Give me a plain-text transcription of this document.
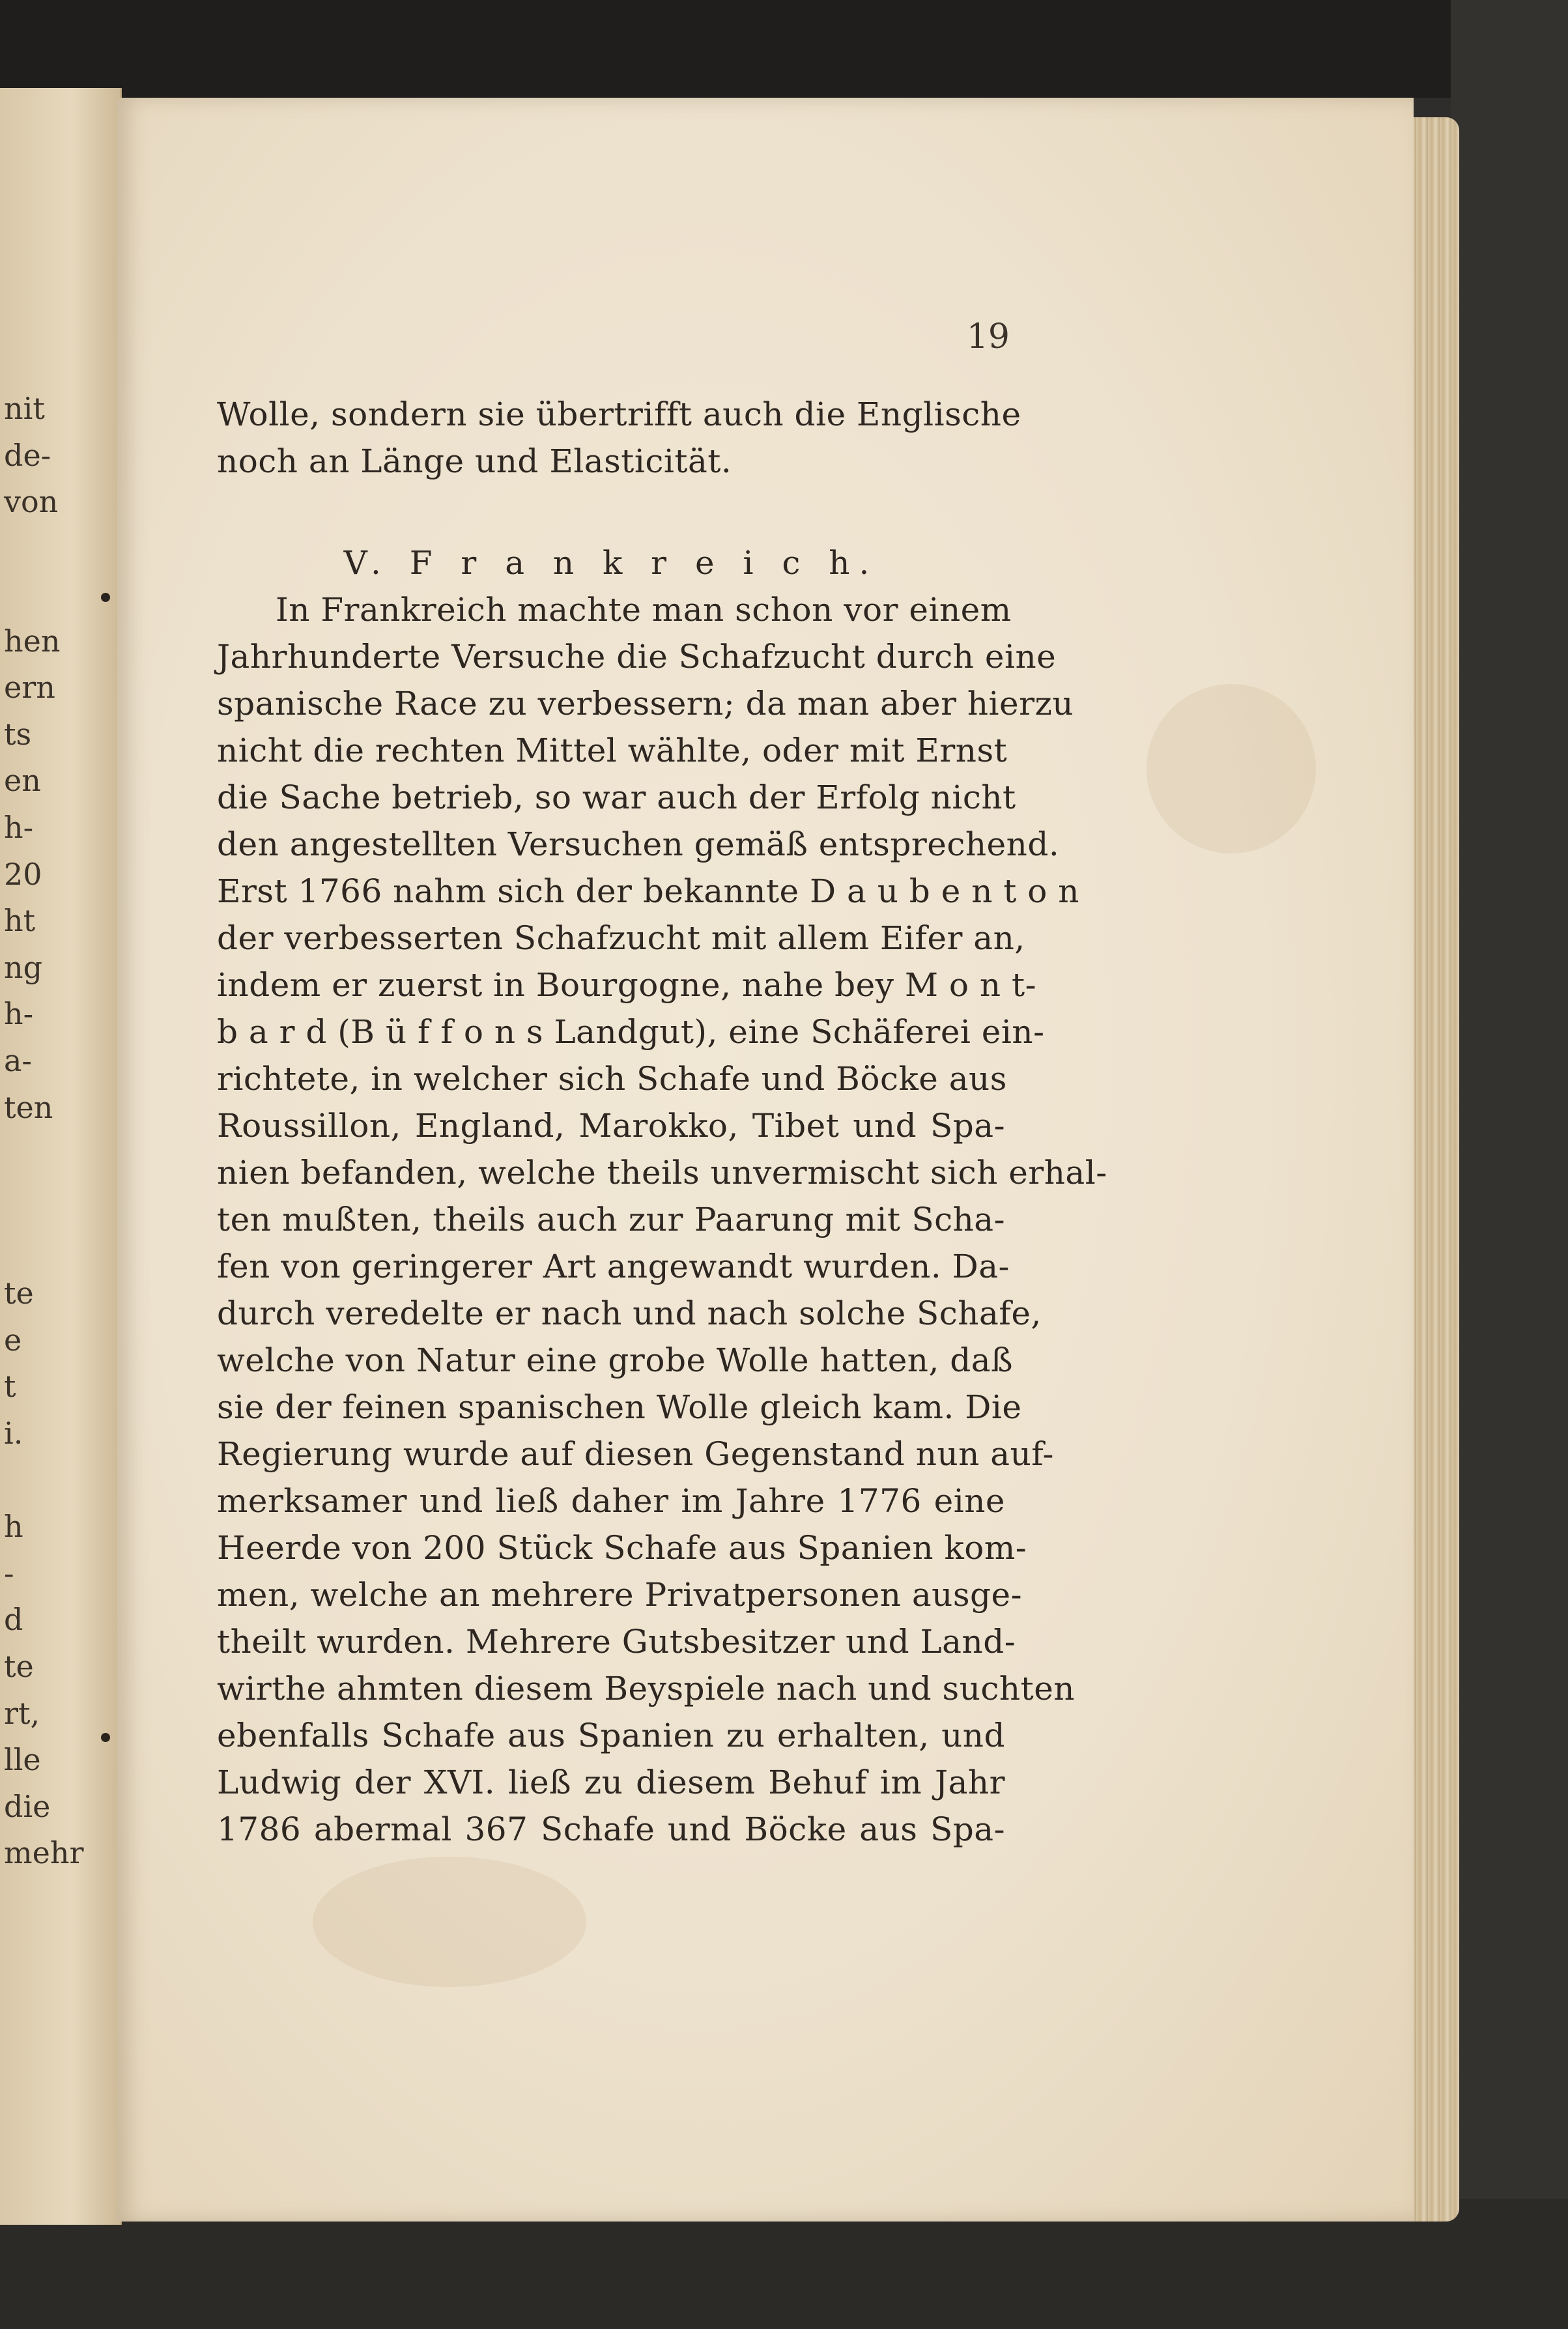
nit
de-
von
hen
ern
ts
en
h-
20
ht
ng
h-
a-
ten
te
e
t
i.
h
-
d
te
rt,
lle
die
mehr
19
Wolle, sondern sie übertrifft auch die Englische
noch an Länge und Elasticität.
V. F r a n k r e i c h.
In Frankreich machte man schon vor einem
Jahrhunderte Versuche die Schafzucht durch eine
spanische Race zu verbessern; da man aber hierzu
nicht die rechten Mittel wählte, oder mit Ernst
die Sache betrieb, so war auch der Erfolg nicht
den angestellten Versuchen gemäß entsprechend.
Erst 1766 nahm sich der bekannte D a u b e n t o n
der verbesserten Schafzucht mit allem Eifer an,
indem er zuerst in Bourgogne, nahe bey M o n t-
b a r d (B ü f f o n s Landgut), eine Schäferei ein-
richtete, in welcher sich Schafe und Böcke aus
Roussillon, England, Marokko, Tibet und Spa-
nien befanden, welche theils unvermischt sich erhal-
ten mußten, theils auch zur Paarung mit Scha-
fen von geringerer Art angewandt wurden. Da-
durch veredelte er nach und nach solche Schafe,
welche von Natur eine grobe Wolle hatten, daß
sie der feinen spanischen Wolle gleich kam. Die
Regierung wurde auf diesen Gegenstand nun auf-
merksamer und ließ daher im Jahre 1776 eine
Heerde von 200 Stück Schafe aus Spanien kom-
men, welche an mehrere Privatpersonen ausge-
theilt wurden. Mehrere Gutsbesitzer und Land-
wirthe ahmten diesem Beyspiele nach und suchten
ebenfalls Schafe aus Spanien zu erhalten, und
Ludwig der XVI. ließ zu diesem Behuf im Jahr
1786 abermal 367 Schafe und Böcke aus Spa-
